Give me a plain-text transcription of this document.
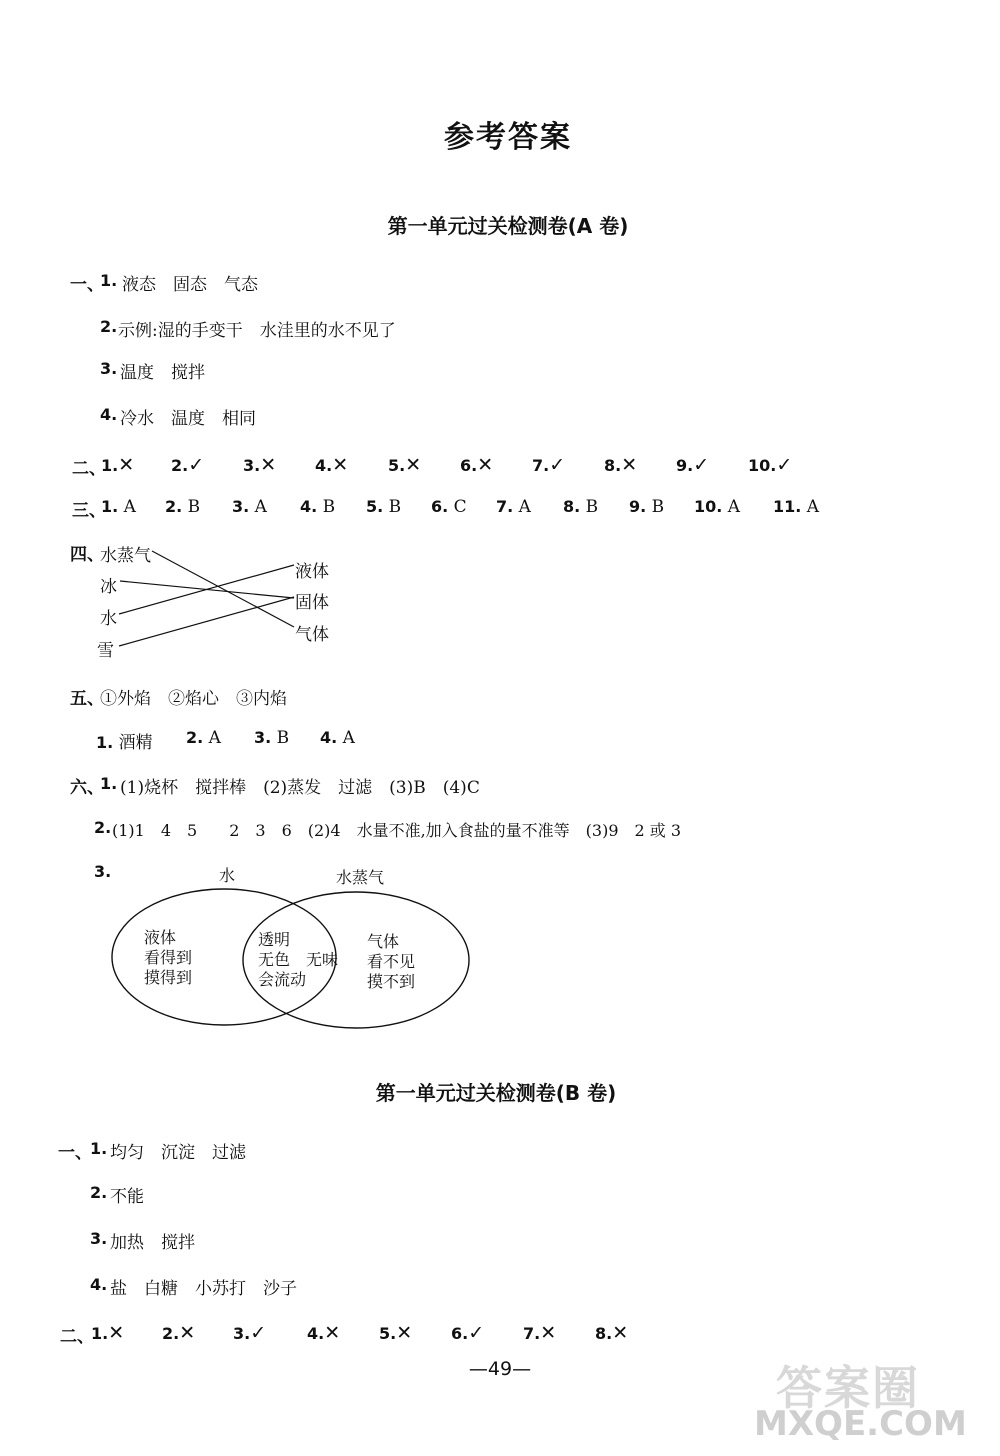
参考答案
第一单元过关检测卷(A 卷)
一、
1. 液态　固态　气态
2. 示例:湿的手变干　水洼里的水不见了
3. 温度　搅拌
4. 冷水　温度　相同
二、
1.✕ 2.✓ 3.✕ 4.✕ 5.✕ 6.✕ 7.✓ 8.✕ 9.✓ 10.✓
三、
1. A 2. B 3. A 4. B 5. B 6. C 7. A 8. B 9. B 10. A 11. A
四、
水蒸气
冰
水
雪
液体
固体
气体
五、
①外焰　②焰心　③内焰
1. 酒精 2. A 3. B 4. A
六、
1. (1)烧杯　搅拌棒　(2)蒸发　过滤　(3)B　(4)C
2. (1)1　4　5　　2　3　6　(2)4　水量不准,加入食盐的量不准等　(3)9　2 或 3
3.	水	水蒸气
液体
看得到
摸得到
透明
无色　无味
会流动
气体
看不见
摸不到
第一单元过关检测卷(B 卷)
一、
1. 均匀　沉淀　过滤
2. 不能
3. 加热　搅拌
4. 盐　白糖　小苏打　沙子
二、
1.✕ 2.✕ 3.✓	4.✕ 5.✕ 6.✓ 7.✕ 8.✕
—49—	答案圈
MXQE.COM
